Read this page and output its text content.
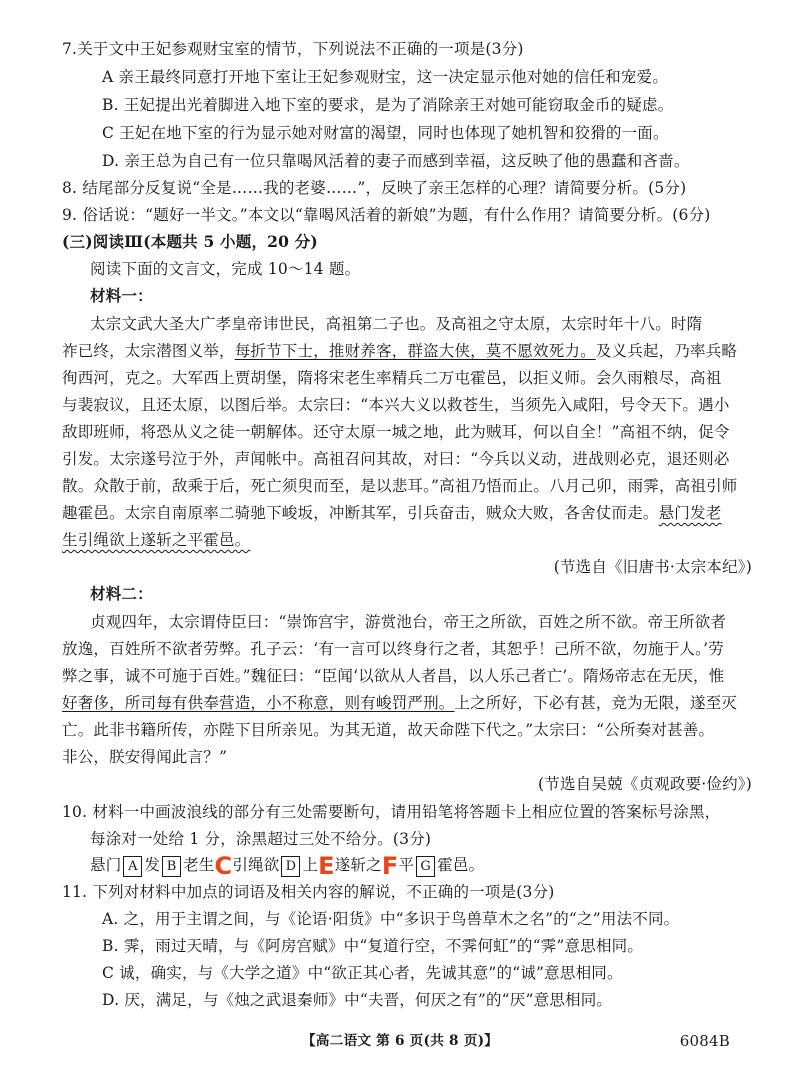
7.关于文中王妃参观财宝室的情节，下列说法不正确的一项是(3分)
A 亲王最终同意打开地下室让王妃参观财宝，这一决定显示他对她的信任和宠爱。
B. 王妃提出光着脚进入地下室的要求，是为了消除亲王对她可能窃取金币的疑虑。
C 王妃在地下室的行为显示她对财富的渴望，同时也体现了她机智和狡猾的一面。
D. 亲王总为自己有一位只靠喝风活着的妻子而感到幸福，这反映了他的愚蠢和吝啬。
8. 结尾部分反复说“全是……我的老婆……”，反映了亲王怎样的心理？请简要分析。(5分)
9. 俗话说：“题好一半文。”本文以“靠喝风活着的新娘”为题，有什么作用？请简要分析。(6分)
(三)阅读Ⅲ(本题共 5 小题，20 分)
阅读下面的文言文，完成 10～14 题。
材料一：
太宗文武大圣大广孝皇帝讳世民，高祖第二子也。及高祖之守太原，太宗时年十八。时隋
祚已终，太宗潜图义举，每折节下士，推财养客，群盗大侠，莫不愿效死力。及义兵起，乃率兵略
徇西河，克之。大军西上贾胡堡，隋将宋老生率精兵二万屯霍邑，以拒义师。会久雨粮尽，高祖
与裴寂议，且还太原，以图后举。太宗曰：“本兴大义以救苍生，当须先入咸阳，号令天下。遇小
敌即班师，将恐从义之徒一朝解体。还守太原一城之地，此为贼耳，何以自全！”高祖不纳，促令
引发。太宗遂号泣于外，声闻帐中。高祖召问其故，对曰：“今兵以义动，进战则必克，退还则必
散。众散于前，敌乘于后，死亡须臾而至，是以悲耳。”高祖乃悟而止。八月己卯，雨霁，高祖引师
趣霍邑。太宗自南原率二骑驰下峻坂，冲断其军，引兵奋击，贼众大败，各舍仗而走。悬门发老
生引绳欲上遂斩之平霍邑。
(节选自《旧唐书·太宗本纪》)
材料二：
贞观四年，太宗谓侍臣曰：“崇饰宫宇，游赏池台，帝王之所欲，百姓之所不欲。帝王所欲者
放逸，百姓所不欲者劳弊。孔子云：‘有一言可以终身行之者，其恕乎！己所不欲，勿施于人。’劳
弊之事，诚不可施于百姓。”魏征曰：“臣闻‘以欲从人者昌，以人乐己者亡’。隋炀帝志在无厌，惟
好奢侈，所司每有供奉营造，小不称意，则有峻罚严刑。上之所好，下必有甚，竞为无限，遂至灭
亡。此非书籍所传，亦陛下目所亲见。为其无道，故天命陛下代之。”太宗曰：“公所奏对甚善。
非公，朕安得闻此言？”
(节选自吴兢《贞观政要·俭约》)
10. 材料一中画波浪线的部分有三处需要断句，请用铅笔将答题卡上相应位置的答案标号涂黑，
每涂对一处给 1 分，涂黑超过三处不给分。(3分)
悬门 A 发 B 老生C引绳欲 D 上E遂斩之F平 G 霍邑。
11. 下列对材料中加点的词语及相关内容的解说，不正确的一项是(3分)
A. 之，用于主谓之间，与《论语·阳货》中“多识于鸟兽草木之名”的“之”用法不同。
B. 霁，雨过天晴，与《阿房宫赋》中“复道行空，不霁何虹”的“霁”意思相同。
C 诚，确实，与《大学之道》中“欲正其心者，先诚其意”的“诚”意思相同。
D. 厌，满足，与《烛之武退秦师》中“夫晋，何厌之有”的“厌”意思相同。
【高二语文 第 6 页(共 8 页)】	6084B
